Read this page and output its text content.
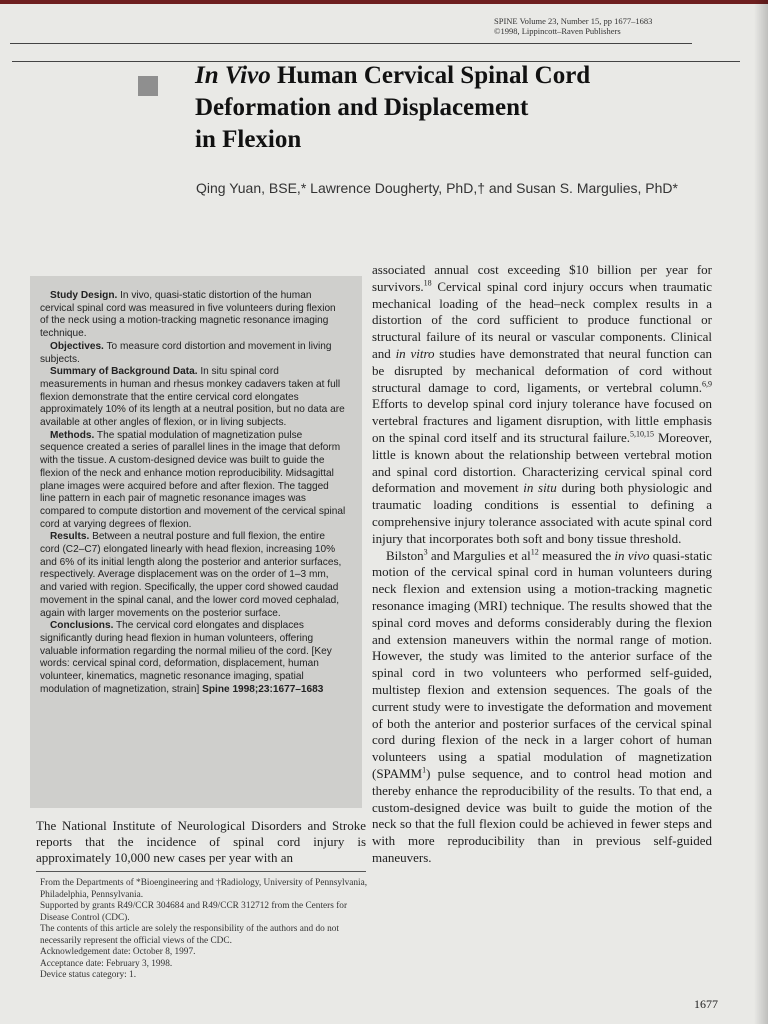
SPINE Volume 23, Number 15, pp 1677–1683
©1998, Lippincott–Raven Publishers
In Vivo Human Cervical Spinal Cord
Deformation and Displacement
in Flexion
Qing Yuan, BSE,* Lawrence Dougherty, PhD,† and Susan S. Margulies, PhD*

Study Design. In vivo, quasi-static distortion of the human cervical spinal cord was measured in five volunteers during flexion of the neck using a motion-tracking magnetic resonance imaging technique.

Objectives. To measure cord distortion and movement in living subjects.

Summary of Background Data. In situ spinal cord measurements in human and rhesus monkey cadavers taken at full flexion demonstrate that the entire cervical cord elongates approximately 10% of its length at a neutral position, but no data are available at other angles of flexion, or in living subjects.

Methods. The spatial modulation of magnetization pulse sequence created a series of parallel lines in the image that deform with the tissue. A custom-designed device was built to guide the flexion of the neck and enhance motion reproducibility. Midsagittal plane images were acquired before and after flexion. The tagged line pattern in each pair of magnetic resonance images was compared to compute distortion and movement of the cervical spinal cord at varying degrees of flexion.

Results. Between a neutral posture and full flexion, the entire cord (C2–C7) elongated linearly with head flexion, increasing 10% and 6% of its initial length along the posterior and anterior surfaces, respectively. Average displacement was on the order of 1–3 mm, and varied with region. Specifically, the upper cord showed caudad movement in the spinal canal, and the lower cord moved cephalad, again with larger movements on the posterior surface.

Conclusions. The cervical cord elongates and displaces significantly during head flexion in human volunteers, offering valuable information regarding the normal milieu of the cord. [Key words: cervical spinal cord, deformation, displacement, human volunteer, kinematics, magnetic resonance imaging, spatial modulation of magnetization, strain] Spine 1998;23:1677–1683

The National Institute of Neurological Disorders and Stroke reports that the incidence of spinal cord injury is approximately 10,000 new cases per year with an
From the Departments of *Bioengineering and †Radiology, University of Pennsylvania, Philadelphia, Pennsylvania.
Supported by grants R49/CCR 304684 and R49/CCR 312712 from the Centers for Disease Control (CDC).
The contents of this article are solely the responsibility of the authors and do not necessarily represent the official views of the CDC.
Acknowledgement date: October 8, 1997.
Acceptance date: February 3, 1998.
Device status category: 1.

associated annual cost exceeding $10 billion per year for survivors.$^{18}$ Cervical spinal cord injury occurs when traumatic mechanical loading of the head–neck complex results in a distortion of the cord sufficient to produce functional or structural failure of its neural or vascular components. Clinical and in vitro studies have demonstrated that neural function can be disrupted by mechanical deformation of cord without structural damage to cord, ligaments, or vertebral column.$^{6,9}$ Efforts to develop spinal cord injury tolerance have focused on vertebral fractures and ligament disruption, with little emphasis on the spinal cord itself and its structural failure.$^{5,10,15}$ Moreover, little is known about the relationship between vertebral motion and spinal cord distortion. Characterizing cervical spinal cord deformation and movement in situ during both physiologic and traumatic loading conditions is essential to defining a comprehensive injury tolerance associated with acute spinal cord injury that incorporates both soft and bony tissue threshold.

Bilston$^3$ and Margulies et $al^{12}$ measured the in vivo quasi-static motion of the cervical spinal cord in human volunteers during neck flexion and extension using a motion-tracking magnetic resonance imaging (MRI) technique. The results showed that the spinal cord moves and deforms considerably during the flexion and extension maneuvers within the normal range of motion. However, the study was limited to the anterior surface of the spinal cord in two volunteers who performed self-guided, multistep flexion and extension sequences. The goals of the current study were to investigate the deformation and movement of both the anterior and posterior surfaces of the cervical spinal cord during flexion of the neck in a larger cohort of human volunteers using a spatial modulation of magnetization (SPAMM$^1$) pulse sequence, and to control head motion and thereby enhance the reproducibility of the results. To that end, a custom-designed device was built to guide the motion of the neck so that the full flexion could be achieved in fewer steps and with more reproducibility than in previous self-guided maneuvers.

1677
